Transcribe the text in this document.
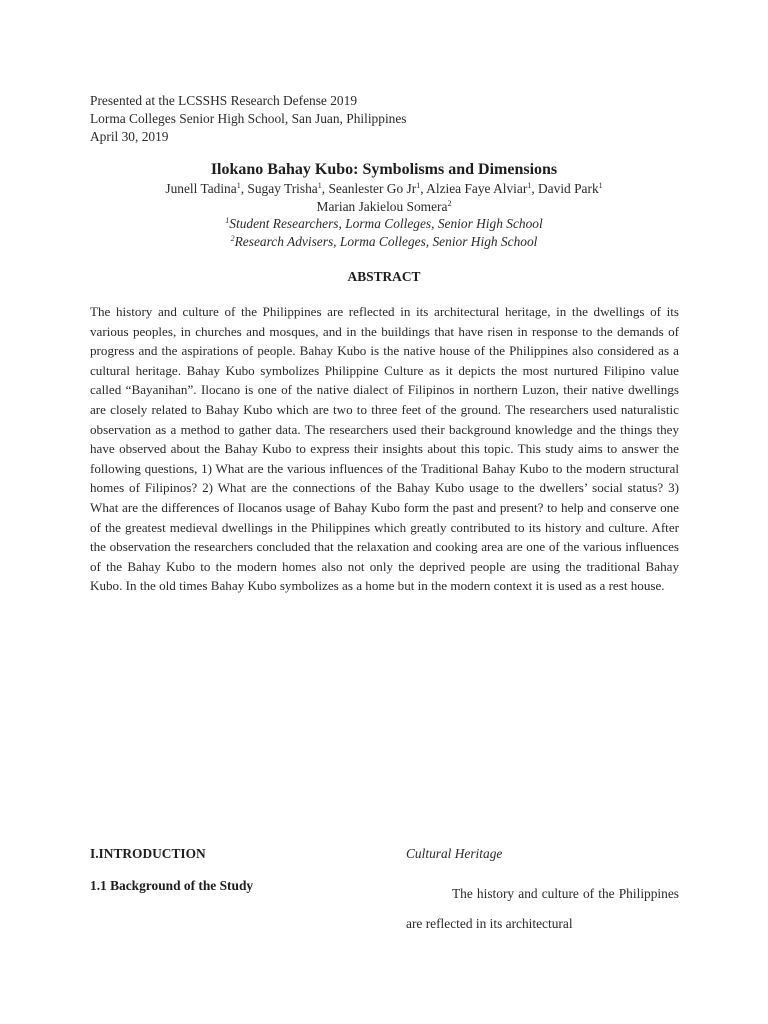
Presented at the LCSSHS Research Defense 2019
Lorma Colleges Senior High School, San Juan, Philippines
April 30, 2019
Ilokano Bahay Kubo: Symbolisms and Dimensions
Junell Tadina$^1$, Sugay Trisha$^1$, Seanlester Go Jr$^1$, Alziea Faye Alviar$^1$, David Park$^1$
Marian Jakielou Somera$^2$
$^1$Student Researchers, Lorma Colleges, Senior High School
$^2$Research Advisers, Lorma Colleges, Senior High School
ABSTRACT

The history and culture of the Philippines are reflected in its architectural heritage, in the dwellings of its various peoples, in churches and mosques, and in the buildings that have risen in response to the demands of progress and the aspirations of people. Bahay Kubo is the native house of the Philippines also considered as a cultural heritage. Bahay Kubo symbolizes Philippine Culture as it depicts the most nurtured Filipino value called “Bayanihan”. Ilocano is one of the native dialect of Filipinos in northern Luzon, their native dwellings are closely related to Bahay Kubo which are two to three feet of the ground. The researchers used naturalistic observation as a method to gather data. The researchers used their background knowledge and the things they have observed about the Bahay Kubo to express their insights about this topic. This study aims to answer the following questions, 1) What are the various influences of the Traditional Bahay Kubo to the modern structural homes of Filipinos? 2) What are the connections of the Bahay Kubo usage to the dwellers’ social status? 3) What are the differences of Ilocanos usage of Bahay Kubo form the past and present? to help and conserve one of the greatest medieval dwellings in the Philippines which greatly contributed to its history and culture. After the observation the researchers concluded that the relaxation and cooking area are one of the various influences of the Bahay Kubo to the modern homes also not only the deprived people are using the traditional Bahay Kubo. In the old times Bahay Kubo symbolizes as a home but in the modern context it is used as a rest house.

I.INTRODUCTION
1.1 Background of the Study
Cultural Heritage
The history and culture of the Philippines are reflected in its architectural
